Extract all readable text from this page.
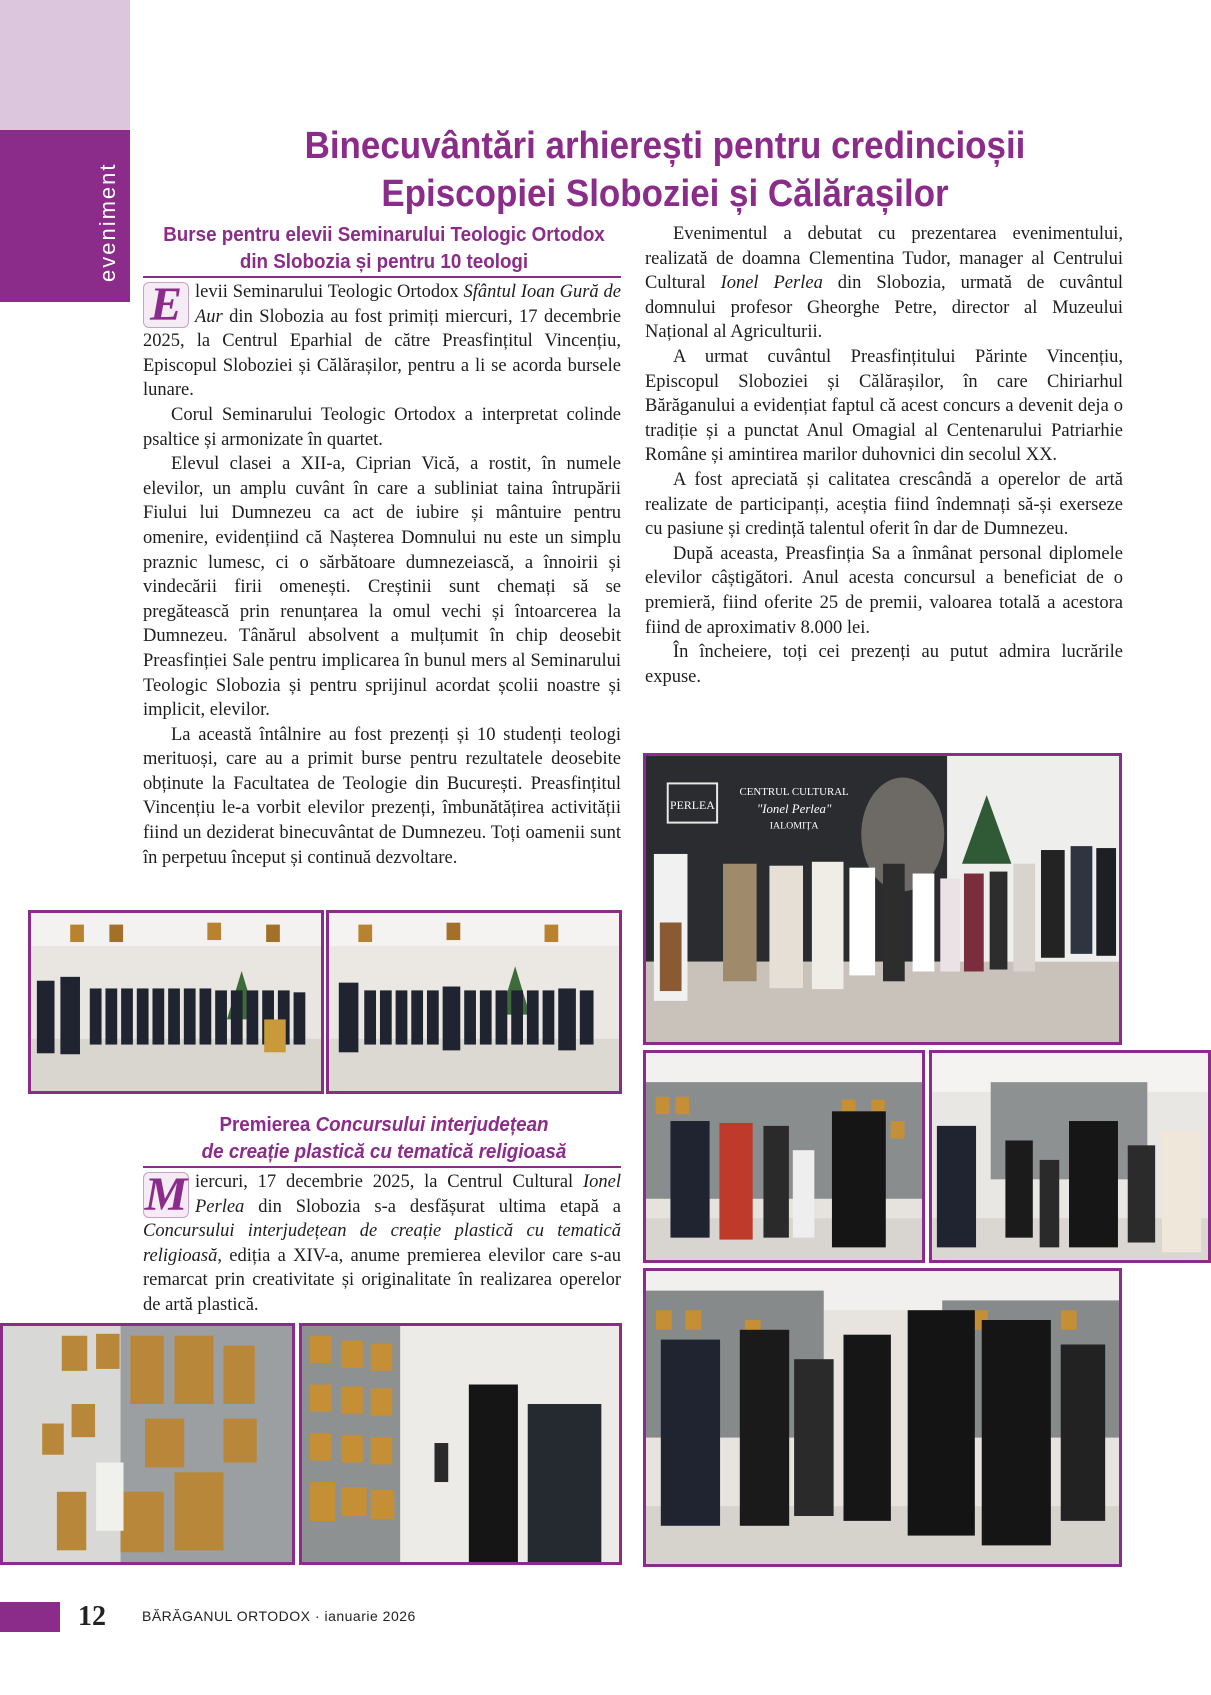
eveniment
Binecuvântări arhierești pentru credincioșii
Episcopiei Sloboziei și Călărașilor
Burse pentru elevii Seminarului Teologic Ortodox
din Slobozia și pentru 10 teologi

E levii Seminarului Teologic Ortodox Sfântul Ioan Gură de Aur din Slobozia au fost primiți miercuri, 17 decembrie 2025, la Centrul Eparhial de către Preasfințitul Vincențiu, Episcopul Sloboziei și Călărașilor, pentru a li se acorda bursele lunare.

Corul Seminarului Teologic Ortodox a interpretat colinde psaltice și armonizate în quartet.

Elevul clasei a XII-a, Ciprian Vică, a rostit, în numele elevilor, un amplu cuvânt în care a subliniat taina întrupării Fiului lui Dumnezeu ca act de iubire și mântuire pentru omenire, evidențiind că Nașterea Domnului nu este un simplu praznic lumesc, ci o sărbătoare dumnezeiască, a înnoirii și vindecării firii omenești. Creștinii sunt chemați să se pregătească prin renunțarea la omul vechi și întoarcerea la Dumnezeu. Tânărul absolvent a mulțumit în chip deosebit Preasfinției Sale pentru implicarea în bunul mers al Seminarului Teologic Slobozia și pentru sprijinul acordat școlii noastre și implicit, elevilor.

La această întâlnire au fost prezenți și 10 studenți teologi merituoși, care au a primit burse pentru rezultatele deosebite obținute la Facultatea de Teologie din București. Preasfințitul Vincențiu le-a vorbit elevilor prezenți, îmbunătățirea activității fiind un deziderat binecuvântat de Dumnezeu. Toți oamenii sunt în perpetuu început și continuă dezvoltare.

Evenimentul a debutat cu prezentarea evenimentului, realizată de doamna Clementina Tudor, manager al Centrului Cultural Ionel Perlea din Slobozia, urmată de cuvântul domnului profesor Gheorghe Petre, director al Muzeului Național al Agriculturii.

A urmat cuvântul Preasfințitului Părinte Vincențiu, Episcopul Sloboziei și Călărașilor, în care Chiriarhul Bărăganului a evidențiat faptul că acest concurs a devenit deja o tradiție și a punctat Anul Omagial al Centenarului Patriarhie Române și amintirea marilor duhovnici din secolul XX.

A fost apreciată și calitatea crescândă a operelor de artă realizate de participanți, aceștia fiind îndemnați să-și exerseze cu pasiune și credință talentul oferit în dar de Dumnezeu.

După aceasta, Preasfinția Sa a înmânat personal diplomele elevilor câștigători. Anul acesta concursul a beneficiat de o premieră, fiind oferite 25 de premii, valoarea totală a acestora fiind de aproximativ 8.000 lei.

În încheiere, toți cei prezenți au putut admira lucrările expuse.

Premierea Concursului interjudețean
de creație plastică cu tematică religioasă

M iercuri, 17 decembrie 2025, la Centrul Cultural Ionel Perlea din Slobozia s-a desfășurat ultima etapă a Concursului interjudețean de creație plastică cu tematică religioasă, ediția a XIV-a, anume premierea elevilor care s-au remarcat prin creativitate și originalitate în realizarea operelor de artă plastică.

PERLEA
CENTRUL CULTURAL
"Ionel Perlea"
IALOMIȚA
12	BĂRĂGANUL ORTODOX · ianuarie 2026
